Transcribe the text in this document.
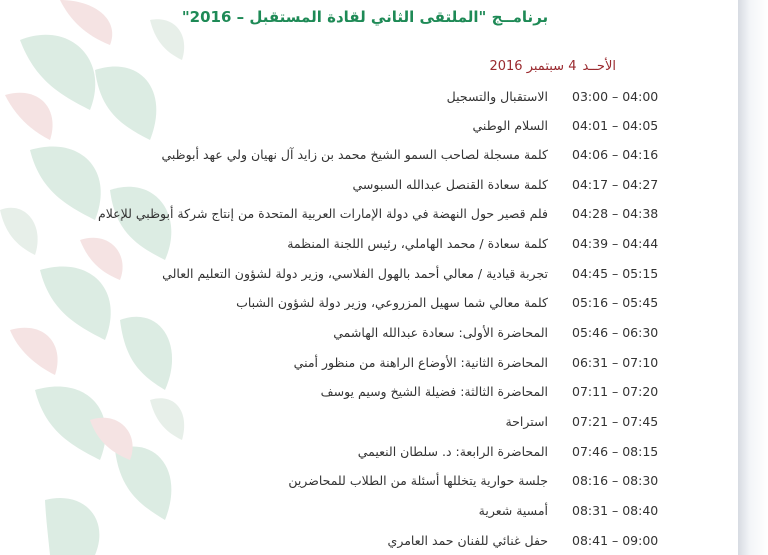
برنامــج "الملتقى الثاني لقادة المستقبل – 2016"
الأحــد4 سبتمبر 2016
03:00 – 04:00
الاستقبال والتسجيل
04:01 – 04:05
السلام الوطني
04:06 – 04:16
كلمة مسجلة لصاحب السمو الشيخ محمد بن زايد آل نهيان ولي عهد أبوظبي
04:17 – 04:27
كلمة سعادة القنصل عبدالله السبوسي
04:28 – 04:38
فلم قصير حول النهضة في دولة الإمارات العربية المتحدة من إنتاج شركة أبوظبي للإعلام
04:39 – 04:44
كلمة سعادة / محمد الهاملي، رئيس اللجنة المنظمة
04:45 – 05:15
تجربة قيادية / معالي أحمد بالهول الفلاسي، وزير دولة لشؤون التعليم العالي
05:16 – 05:45
كلمة معالي شما سهيل المزروعي، وزير دولة لشؤون الشباب
05:46 – 06:30
المحاضرة الأولى: سعادة عبدالله الهاشمي
06:31 – 07:10
المحاضرة الثانية: الأوضاع الراهنة من منظور أمني
07:11 – 07:20
المحاضرة الثالثة: فضيلة الشيخ وسيم يوسف
07:21 – 07:45
استراحة
07:46 – 08:15
المحاضرة الرابعة: د. سلطان النعيمي
08:16 – 08:30
جلسة حوارية يتخللها أسئلة من الطلاب للمحاضرين
08:31 – 08:40
أمسية شعرية
08:41 – 09:00
حفل غنائي للفنان حمد العامري
